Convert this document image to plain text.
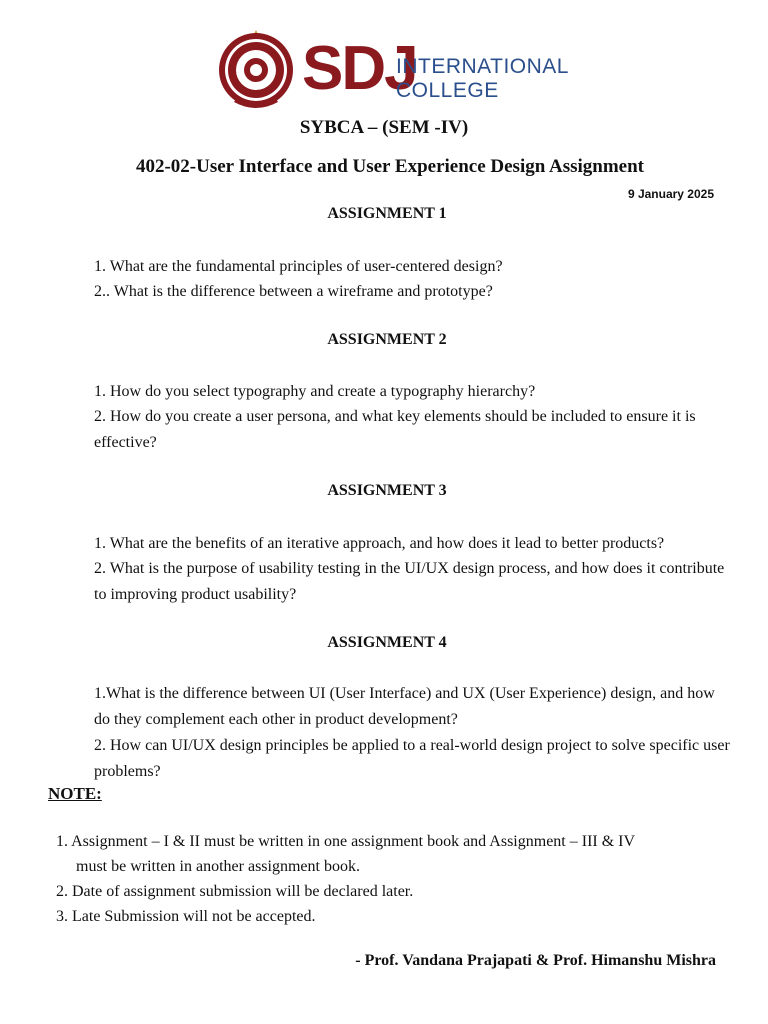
SDJ
INTERNATIONAL
COLLEGE
SYBCA – (SEM -IV)
402-02-User Interface and User Experience Design Assignment
9 January 2025
ASSIGNMENT 1
1. What are the fundamental principles of user-centered design?
2.. What is the difference between a wireframe and prototype?
ASSIGNMENT 2
1. How do you select typography and create a typography hierarchy?
2. How do you create a user persona, and what key elements should be included to ensure it is effective?
ASSIGNMENT 3
1. What are the benefits of an iterative approach, and how does it lead to better products?
2. What is the purpose of usability testing in the UI/UX design process, and how does it contribute to improving product usability?
ASSIGNMENT 4
1.What is the difference between UI (User Interface) and UX (User Experience) design, and how do they complement each other in product development?
2. How can UI/UX design principles be applied to a real-world design project to solve specific user problems?
NOTE:
1. Assignment – I & II must be written in one assignment book and Assignment – III & IV
must be written in another assignment book.
2. Date of assignment submission will be declared later.
3. Late Submission will not be accepted.
- Prof. Vandana Prajapati & Prof. Himanshu Mishra
